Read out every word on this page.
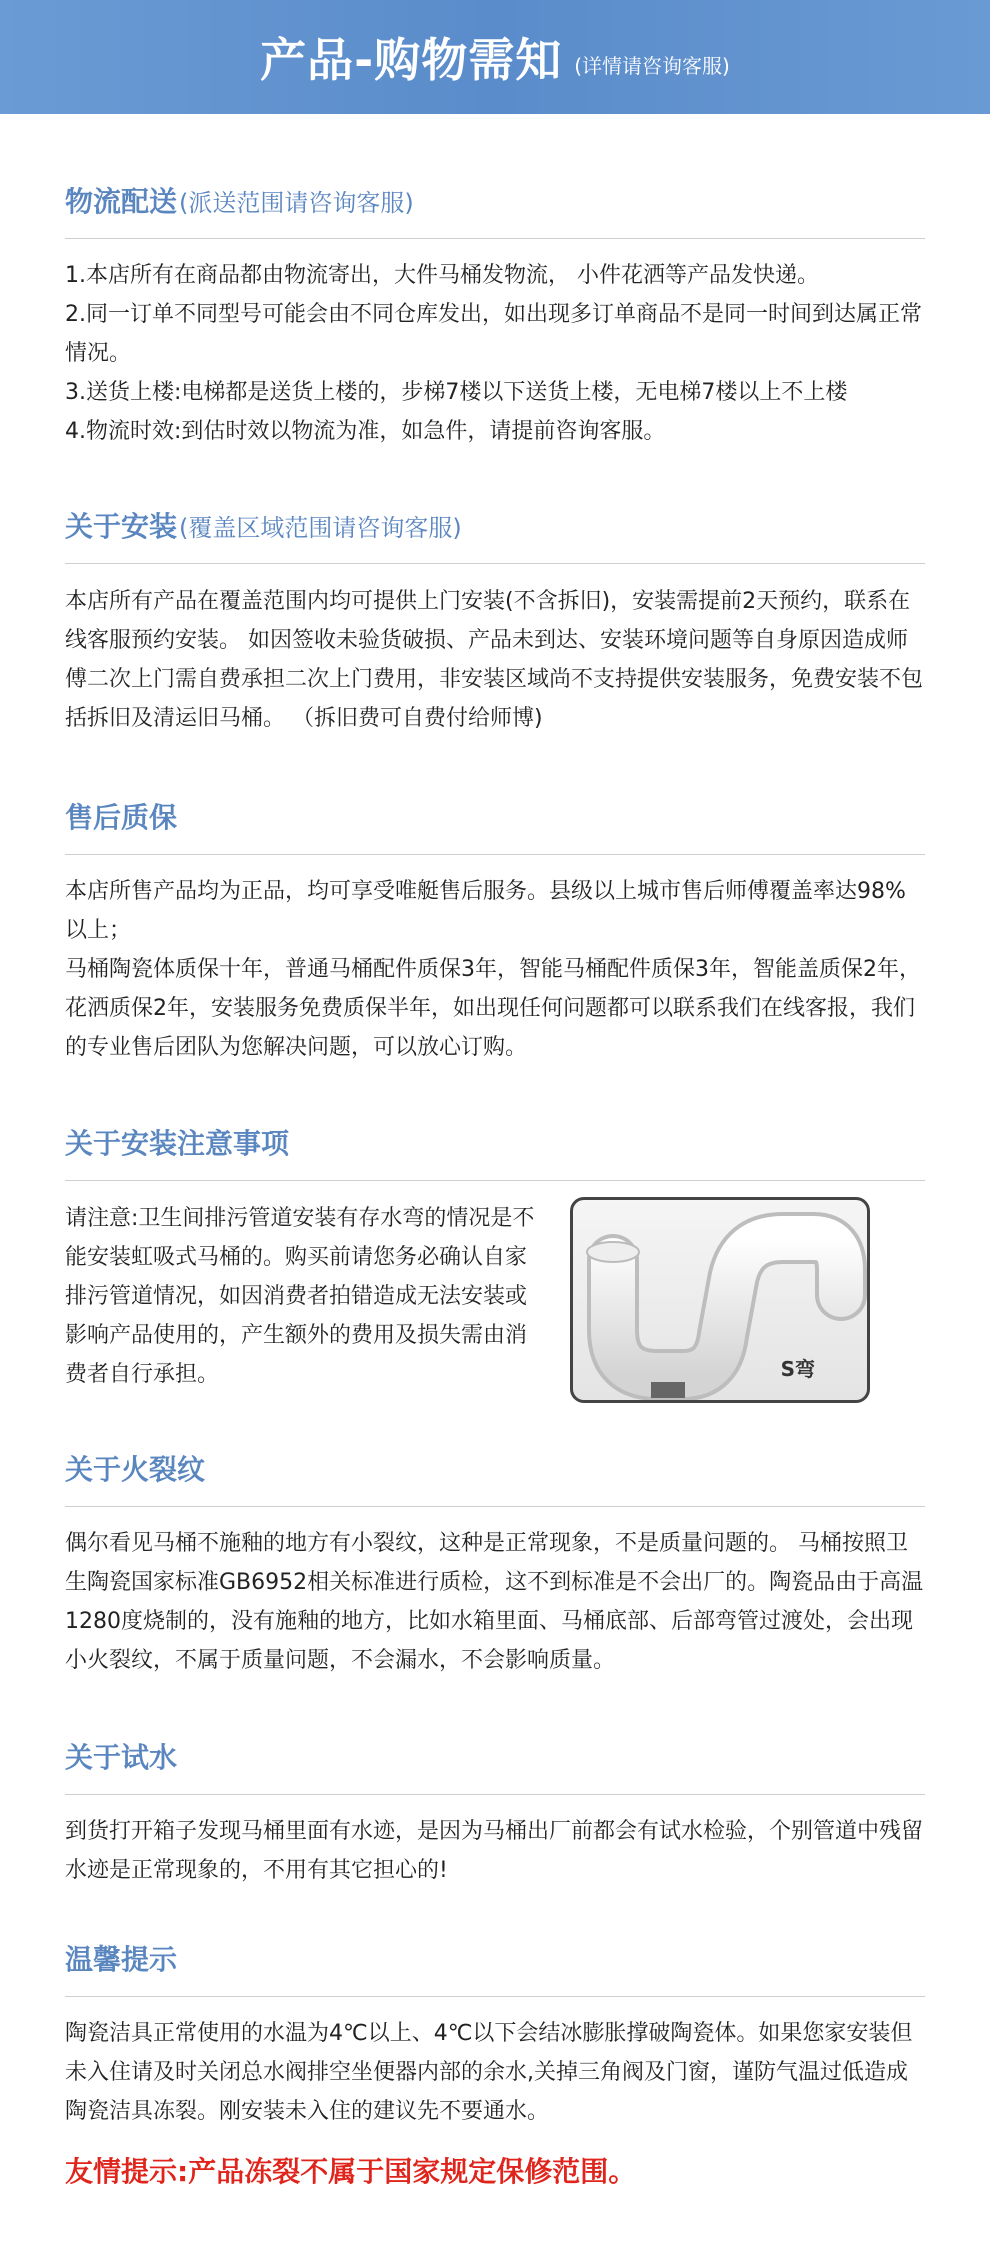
产品-购物需知 (详情请咨询客服)
物流配送(派送范围请咨询客服)

1.本店所有在商品都由物流寄出，大件马桶发物流， 小件花洒等产品发快递。

2.同一订单不同型号可能会由不同仓库发出，如出现多订单商品不是同一时间到达属正常情况。

3.送货上楼:电梯都是送货上楼的，步梯7楼以下送货上楼，无电梯7楼以上不上楼

4.物流时效:到估时效以物流为准，如急件，请提前咨询客服。

关于安装(覆盖区域范围请咨询客服)

本店所有产品在覆盖范围内均可提供上门安装(不含拆旧)，安装需提前2天预约，联系在线客服预约安装。 如因签收未验货破损、产品未到达、安装环境问题等自身原因造成师傅二次上门需自费承担二次上门费用，非安装区域尚不支持提供安装服务，免费安装不包括拆旧及清运旧马桶。 （拆旧费可自费付给师博)

售后质保

本店所售产品均为正品，均可享受唯艇售后服务。县级以上城市售后师傅覆盖率达98%以上；

马桶陶瓷体质保十年，普通马桶配件质保3年，智能马桶配件质保3年，智能盖质保2年，花洒质保2年，安装服务免费质保半年，如出现任何问题都可以联系我们在线客报，我们的专业售后团队为您解决问题，可以放心订购。

关于安装注意事项

请注意:卫生间排污管道安装有存水弯的情况是不能安装虹吸式马桶的。购买前请您务必确认自家排污管道情况，如因消费者拍错造成无法安装或影响产品使用的，产生额外的费用及损失需由消费者自行承担。	S弯
关于火裂纹

偶尔看见马桶不施釉的地方有小裂纹，这种是正常现象，不是质量问题的。 马桶按照卫生陶瓷国家标准GB6952相关标准进行质检，这不到标准是不会出厂的。陶瓷品由于高温1280度烧制的，没有施釉的地方，比如水箱里面、马桶底部、后部弯管过渡处，会出现小火裂纹，不属于质量问题，不会漏水，不会影响质量。

关于试水

到货打开箱子发现马桶里面有水迹，是因为马桶出厂前都会有试水检验，个别管道中残留水迹是正常现象的，不用有其它担心的!

温馨提示

陶瓷洁具正常使用的水温为4℃以上、4℃以下会结冰膨胀撑破陶瓷体。如果您家安装但未入住请及时关闭总水阀排空坐便器内部的余水,关掉三角阀及门窗，谨防气温过低造成陶瓷洁具冻裂。刚安装未入住的建议先不要通水。

友情提示:产品冻裂不属于国家规定保修范围。
